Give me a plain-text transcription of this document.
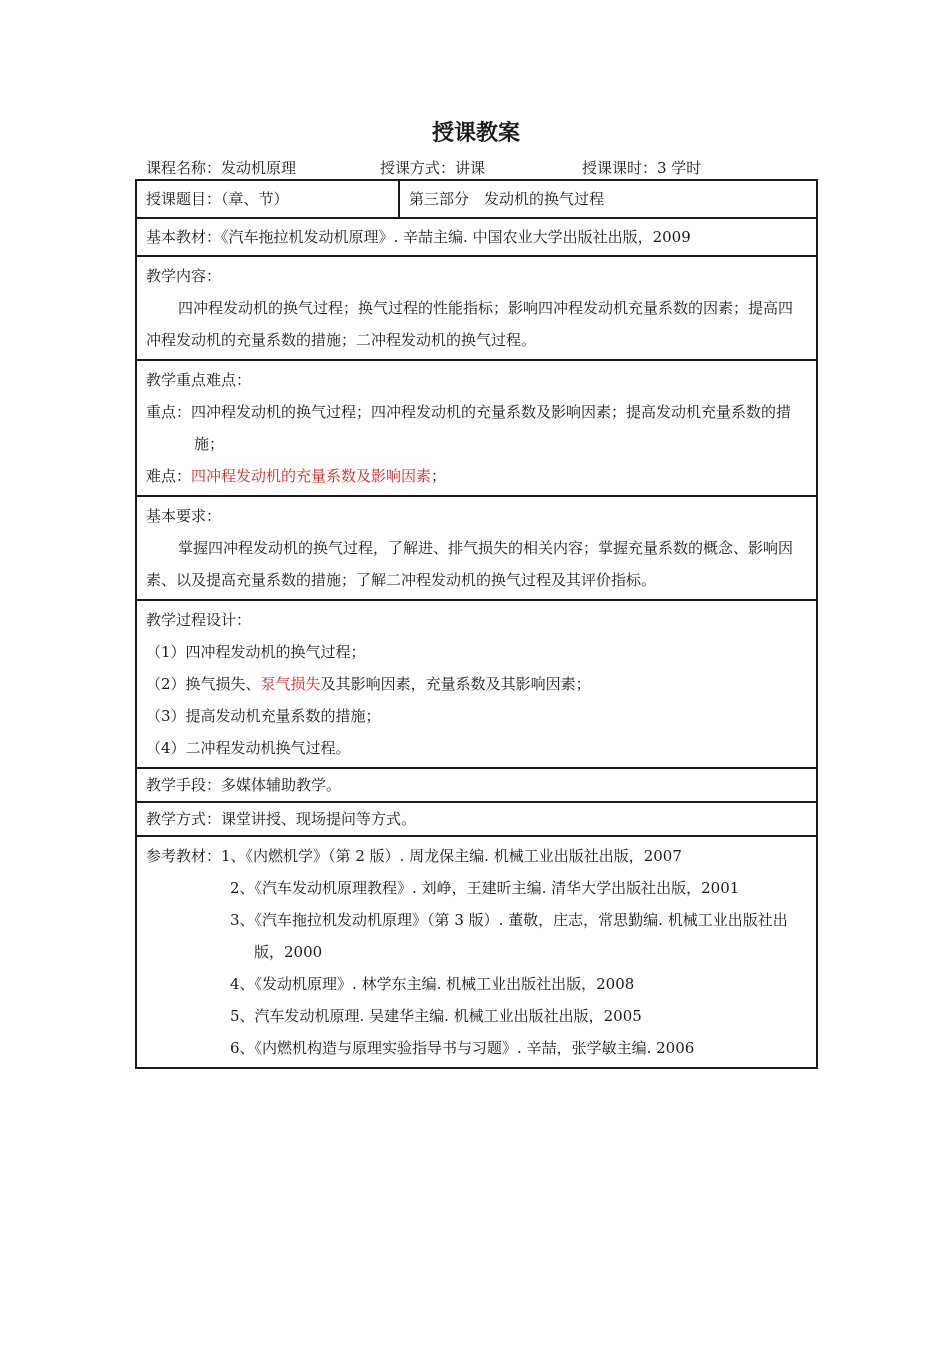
授课教案
课程名称：发动机原理	授课方式：讲课	授课课时：3 学时
授课题目：（章、节）	第三部分　发动机的换气过程
基本教材：《汽车拖拉机发动机原理》. 辛喆主编. 中国农业大学出版社出版，2009

教学内容：
四冲程发动机的换气过程；换气过程的性能指标；影响四冲程发动机充量系数的因素；提高四冲程发动机的充量系数的措施；二冲程发动机的换气过程。

教学重点难点：
重点：四冲程发动机的换气过程；四冲程发动机的充量系数及影响因素；提高发动机充量系数的措施；
难点：四冲程发动机的充量系数及影响因素；

基本要求：
掌握四冲程发动机的换气过程，了解进、排气损失的相关内容；掌握充量系数的概念、影响因素、以及提高充量系数的措施；了解二冲程发动机的换气过程及其评价指标。

教学过程设计：
（1）四冲程发动机的换气过程；
（2）换气损失、泵气损失及其影响因素，充量系数及其影响因素；
（3）提高发动机充量系数的措施；
（4）二冲程发动机换气过程。

教学手段：多媒体辅助教学。
教学方式：课堂讲授、现场提问等方式。

参考教材：1、《内燃机学》（第 2 版）. 周龙保主编. 机械工业出版社出版，2007
2、《汽车发动机原理教程》. 刘峥，王建昕主编. 清华大学出版社出版，2001
3、《汽车拖拉机发动机原理》（第 3 版）. 董敬，庄志，常思勤编. 机械工业出版社出版，2000
4、《发动机原理》. 林学东主编. 机械工业出版社出版，2008
5、汽车发动机原理. 吴建华主编. 机械工业出版社出版，2005
6、《内燃机构造与原理实验指导书与习题》. 辛喆，张学敏主编. 2006
